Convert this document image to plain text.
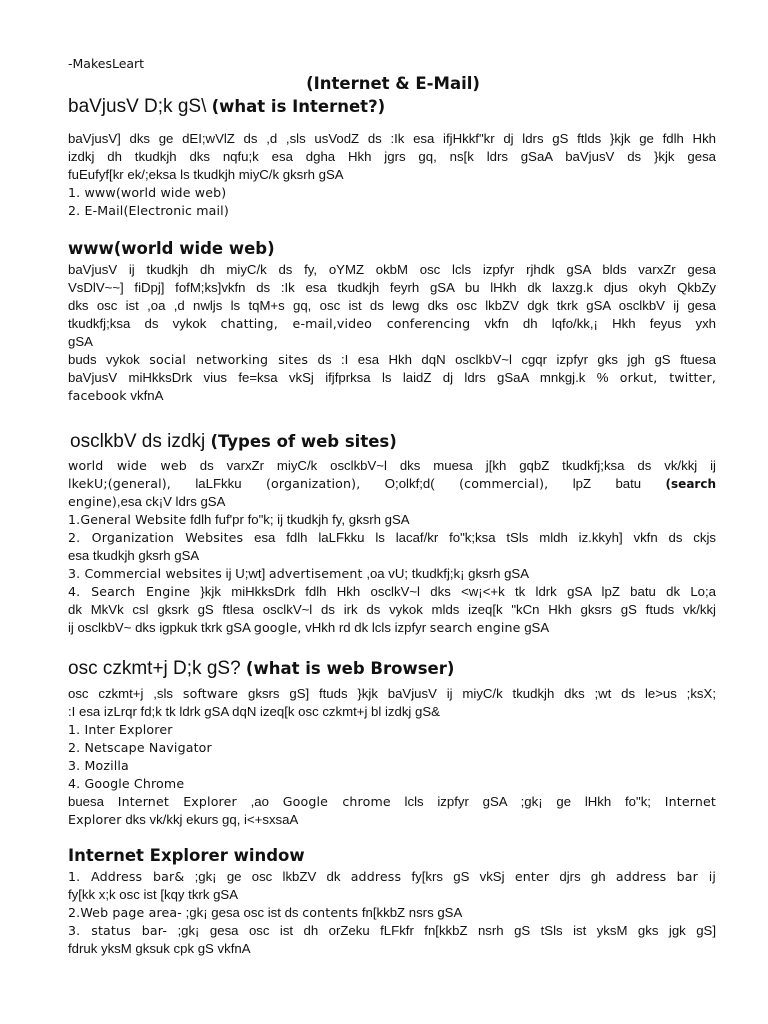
-MakesLeart
(Internet & E-Mail)
baVjusV D;k gS\ (what is Internet?)
baVjusV] dks ge dEI;wVlZ ds ,d ,sls usVodZ ds :Ik esa ifjHkkf"kr dj ldrs gS ftlds }kjk ge fdlh Hkh
izdkj dh tkudkjh dks nqfu;k esa dgha Hkh jgrs gq, ns[k ldrs gSaA baVjusV ds }kjk gesa
fuEufyf[kr ek/;eksa ls tkudkjh miyC/k gksrh gSA
1. www(world wide web)
2. E-Mail(Electronic mail)
www(world wide web)
baVjusV ij tkudkjh dh miyC/k ds fy, oYMZ okbM osc lcls izpfyr rjhdk gSA blds varxZr gesa
VsDlV~~] fiDpj] fofM;ks]vkfn ds :Ik esa tkudkjh feyrh gSA bu lHkh dk laxzg.k djus okyh QkbZy
dks osc ist ,oa ,d nwljs ls tqM+s gq, osc ist ds lewg dks osc lkbZV dgk tkrk gSA osclkbV ij gesa
tkudkfj;ksa ds vykok chatting, e-mail,video conferencing vkfn dh lqfo/kk,¡ Hkh feyus yxh
gSA
buds vykok social networking sites ds :I esa Hkh dqN osclkbV~l cgqr izpfyr gks jgh gS ftuesa
baVjusV miHkksDrk vius fe=ksa vkSj ifjfprksa ls laidZ dj ldrs gSaA mnkgj.k % orkut, twitter,
facebook vkfnA
osclkbV ds izdkj (Types of web sites)
world wide web ds varxZr miyC/k osclkbV~l dks muesa j[kh gqbZ tkudkfj;ksa ds vk/kkj ij
lkekU;(general), laLFkku (organization), O;olkf;d( (commercial), lpZ batu (search
engine),esa ck¡V ldrs gSA
1.General Website fdlh fuf'pr fo"k; ij tkudkjh fy, gksrh gSA
2. Organization Websites esa fdlh laLFkku ls lacaf/kr fo"k;ksa tSls mldh iz.kkyh] vkfn ds ckjs
esa tkudkjh gksrh gSA
3. Commercial websites ij U;wt] advertisement ,oa vU; tkudkfj;k¡ gksrh gSA
4. Search Engine }kjk miHkksDrk fdlh Hkh osclkV~l dks <w¡<+k tk ldrk gSA lpZ batu dk Lo;a
dk MkVk csl gksrk gS ftlesa osclkV~l ds irk ds vykok mlds izeq[k "kCn Hkh gksrs gS ftuds vk/kkj
ij osclkbV~ dks igpkuk tkrk gSA google, vHkh rd dk lcls izpfyr search engine gSA
osc czkmt+j D;k gS? (what is web Browser)
osc czkmt+j ,sls software gksrs gS] ftuds }kjk baVjusV ij miyC/k tkudkjh dks ;wt ds le>us ;ksX;
:I esa izLrqr fd;k tk ldrk gSA dqN izeq[k osc czkmt+j bl izdkj gS&
1. Inter Explorer
2. Netscape Navigator
3. Mozilla
4. Google Chrome
buesa Internet Explorer ,ao Google chrome lcls izpfyr gSA ;gk¡ ge lHkh fo"k; Internet
Explorer dks vk/kkj ekurs gq, i<+sxsaA
Internet Explorer window
1. Address bar& ;gk¡ ge osc lkbZV dk address fy[krs gS vkSj enter djrs gh address bar ij
fy[kk x;k osc ist [kqy tkrk gSA
2.Web page area- ;gk¡ gesa osc ist ds contents fn[kkbZ nsrs gSA
3. status bar- ;gk¡ gesa osc ist dh orZeku fLFkfr fn[kkbZ nsrh gS tSls ist yksM gks jgk gS]
fdruk yksM gksuk cpk gS vkfnA
